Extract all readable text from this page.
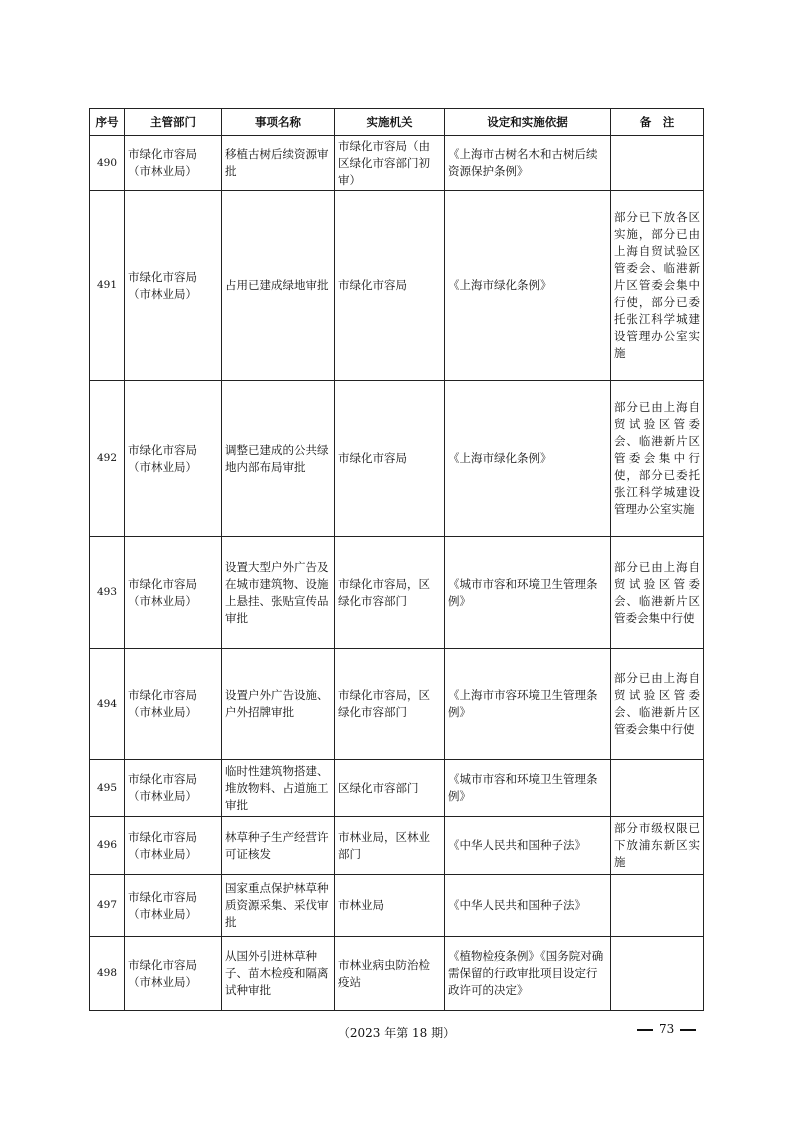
序号	主管部门	事项名称	实施机关	设定和实施依据	备　注
490	市绿化市容局（市林业局）	移植古树后续资源审批	市绿化市容局（由区绿化市容部门初审）	《上海市古树名木和古树后续资源保护条例》	
491	市绿化市容局（市林业局）	占用已建成绿地审批	市绿化市容局	《上海市绿化条例》	部分已下放各区实施，部分已由上海自贸试验区管委会、临港新片区管委会集中行使，部分已委托张江科学城建设管理办公室实施
492	市绿化市容局（市林业局）	调整已建成的公共绿地内部布局审批	市绿化市容局	《上海市绿化条例》	部分已由上海自贸试验区管委会、临港新片区管委会集中行使，部分已委托张江科学城建设管理办公室实施
493	市绿化市容局（市林业局）	设置大型户外广告及在城市建筑物、设施上悬挂、张贴宣传品审批	市绿化市容局，区绿化市容部门	《城市市容和环境卫生管理条例》	部分已由上海自贸试验区管委会、临港新片区管委会集中行使
494	市绿化市容局（市林业局）	设置户外广告设施、户外招牌审批	市绿化市容局，区绿化市容部门	《上海市市容环境卫生管理条例》	部分已由上海自贸试验区管委会、临港新片区管委会集中行使
495	市绿化市容局（市林业局）	临时性建筑物搭建、堆放物料、占道施工审批	区绿化市容部门	《城市市容和环境卫生管理条例》	
496	市绿化市容局（市林业局）	林草种子生产经营许可证核发	市林业局，区林业部门	《中华人民共和国种子法》	部分市级权限已下放浦东新区实施
497	市绿化市容局（市林业局）	国家重点保护林草种质资源采集、采伐审批	市林业局	《中华人民共和国种子法》	
498	市绿化市容局（市林业局）	从国外引进林草种子、苗木检疫和隔离试种审批	市林业病虫防治检疫站	《植物检疫条例》《国务院对确需保留的行政审批项目设定行政许可的决定》	
（2023 年第 18 期）	73
